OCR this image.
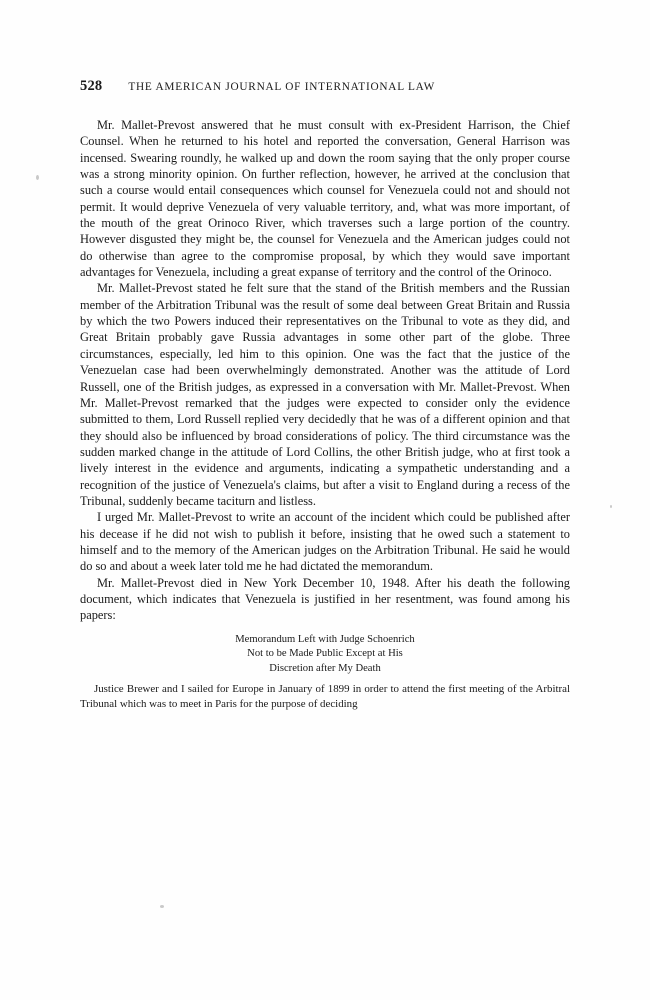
528 THE AMERICAN JOURNAL OF INTERNATIONAL LAW

Mr. Mallet-Prevost answered that he must consult with ex-President Harrison, the Chief Counsel. When he returned to his hotel and reported the conversation, General Harrison was incensed. Swearing roundly, he walked up and down the room saying that the only proper course was a strong minority opinion. On further reflection, however, he arrived at the conclusion that such a course would entail consequences which counsel for Venezuela could not and should not permit. It would deprive Venezuela of very valuable territory, and, what was more important, of the mouth of the great Orinoco River, which traverses such a large portion of the country. However disgusted they might be, the counsel for Venezuela and the American judges could not do otherwise than agree to the compromise proposal, by which they would save important advantages for Venezuela, including a great expanse of territory and the control of the Orinoco.

Mr. Mallet-Prevost stated he felt sure that the stand of the British members and the Russian member of the Arbitration Tribunal was the result of some deal between Great Britain and Russia by which the two Powers induced their representatives on the Tribunal to vote as they did, and Great Britain probably gave Russia advantages in some other part of the globe. Three circumstances, especially, led him to this opinion. One was the fact that the justice of the Venezuelan case had been overwhelmingly demonstrated. Another was the attitude of Lord Russell, one of the British judges, as expressed in a conversation with Mr. Mallet-Prevost. When Mr. Mallet-Prevost remarked that the judges were expected to consider only the evidence submitted to them, Lord Russell replied very decidedly that he was of a different opinion and that they should also be influenced by broad considerations of policy. The third circumstance was the sudden marked change in the attitude of Lord Collins, the other British judge, who at first took a lively interest in the evidence and arguments, indicating a sympathetic understanding and a recognition of the justice of Venezuela's claims, but after a visit to England during a recess of the Tribunal, suddenly became taciturn and listless.

I urged Mr. Mallet-Prevost to write an account of the incident which could be published after his decease if he did not wish to publish it before, insisting that he owed such a statement to himself and to the memory of the American judges on the Arbitration Tribunal. He said he would do so and about a week later told me he had dictated the memorandum.

Mr. Mallet-Prevost died in New York December 10, 1948. After his death the following document, which indicates that Venezuela is justified in her resentment, was found among his papers:

Memorandum Left with Judge Schoenrich
Not to be Made Public Except at His
Discretion after My Death

Justice Brewer and I sailed for Europe in January of 1899 in order to attend the first meeting of the Arbitral Tribunal which was to meet in Paris for the purpose of deciding
